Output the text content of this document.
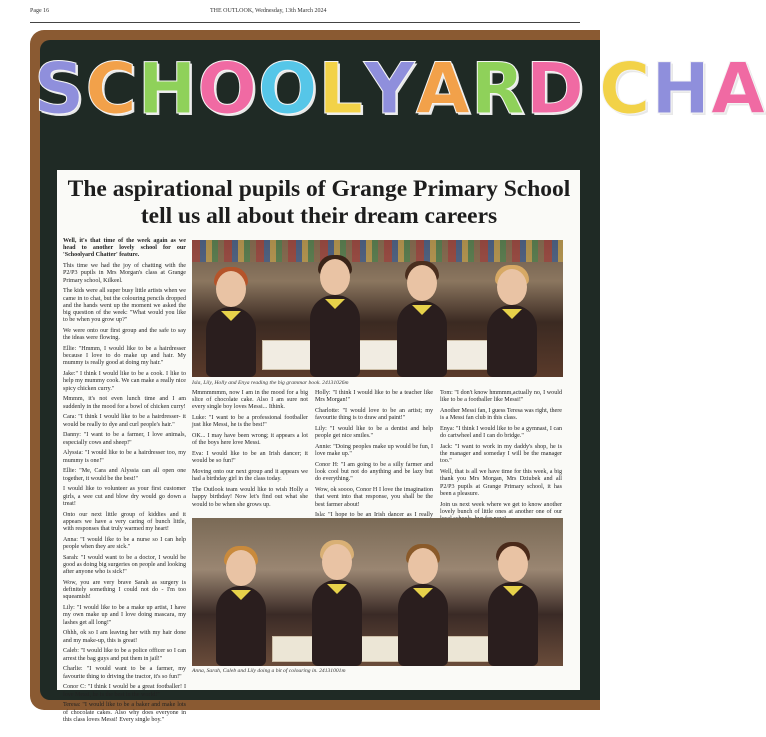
Page 16	THE OUTLOOK, Wednesday, 13th March 2024
SCHOOLYARD CHA
The aspirational pupils of Grange Primary School tell us all about their dream careers

Well, it's that time of the week again as we head to another lovely school for our 'Schoolyard Chatter' feature.

This time we had the joy of chatting with the P2/P3 pupils in Mrs Morgan's class at Grange Primary school, Kilkeel.

The kids were all super busy little artists when we came in to chat, but the colouring pencils dropped and the hands went up the moment we asked the big question of the week: "What would you like to be when you grow up?"

We were onto our first group and the safe to say the ideas were flowing.

Ellie: "Hmmm, I would like to be a hairdresser because I love to do make up and hair. My mummy is really good at doing my hair."

Jake:" I think I would like to be a cook. I like to help my mummy cook. We can make a really nice spicy chicken curry."

Mmmm, it's not even lunch time and I am suddenly in the mood for a bowl of chicken curry!

Cara: "I think I would like to be a hairdresser- it would be really to dye and curl people's hair."

Danny: "I want to be a farmer, I love animals, especially cows and sheep!"

Alyssia: "I would like to be a hairdresser too, my mummy is one!"

Ellie: "Me, Cara and Alyssia can all open one together, it would be the best!"

I would like to volunteer as your first customer girls, a wee cut and blow dry would go down a treat!

Onto our next little group of kiddies and it appears we have a very caring of bunch little, with responses that truly warmed my heart!

Anna: "I would like to be a nurse so I can help people when they are sick."

Sarah: "I would want to be a doctor, I would be good as doing big surgeries on people and looking after anyone who is sick!"

Wow, you are very brave Sarah as surgery is definitely something I could not do - I'm too squeamish!

Lily: "I would like to be a make up artist, I have my own make up and I love doing mascara, my lashes get all long!"

Ohhh, ok so I am leaving her with my hair done and my make-up, this is great!

Caleb: "I would like to be a police officer so I can arrest the bag guys and put them in jail!"

Charlie: "I would want to be a farmer, my favourite thing to driving the tractor, it's so fun!"

Conor C: "I think I would be a great footballer! I love Messi, he is the best in the world!"

Teresa: "I would like to be a baker and make lots of chocolate cakes. Also why does everyone in this class loves Messi! Every single boy."

Isla, Lily, Holly and Enya reading the big grammar book. 24131026m

Mmmmmmm, now I am in the mood for a big slice of chocolate cake. Also I am sure not every single boy loves Messi... Ithink.

Luke: "I want to be a professional footballer just like Messi, he is the best!"

OK... I may have been wrong; it appears a lot of the boys here love Messi.

Eva: I would like to be an Irish dancer; it would be so fun!"

Moving onto our next group and it appears we had a birthday girl in the class today.

The Outlook team would like to wish Holly a happy birthday! Now let's find out what she would to be when she grows up.

Holly: "I think I would like to be a teacher like Mrs Morgan!"

Charlotte: "I would love to be an artist; my favourite thing is to draw and paint!"

Lily: "I would like to be a dentist and help people get nice smiles."

Annie: "Doing peoples make up would be fun, I love make up."

Conor H: "I am going to be a silly farmer and look cool but not do anything and be lazy but do everything."

Wow, ok soooo, Conor H I love the imagination that went into that response, you shall be the best farmer about!

Isla: "I hope to be an Irish dancer as I really

Tom: "I don't know hmmmm,actually no, I would like to be a footballer like Messi!"

Another Messi fan, I guess Teresa was right, there is a Messi fan club in this class.

Enya: "I think I would like to be a gymnast, I can do cartwheel and I can do bridge."

Jack: "I want to work in my daddy's shop, he is the manager and someday I will be the manager too."

Well, that is all we have time for this week, a big thank you Mrs Morgan, Mrs Dziubek and all P2/P3 pupils at Grange Primary school, it has been a pleasure.

Join us next week where we get to know another lovely bunch of little ones at another one of our

Anna, Sarah, Caleb and Lily doing a bit of colouring in. 24131001m
